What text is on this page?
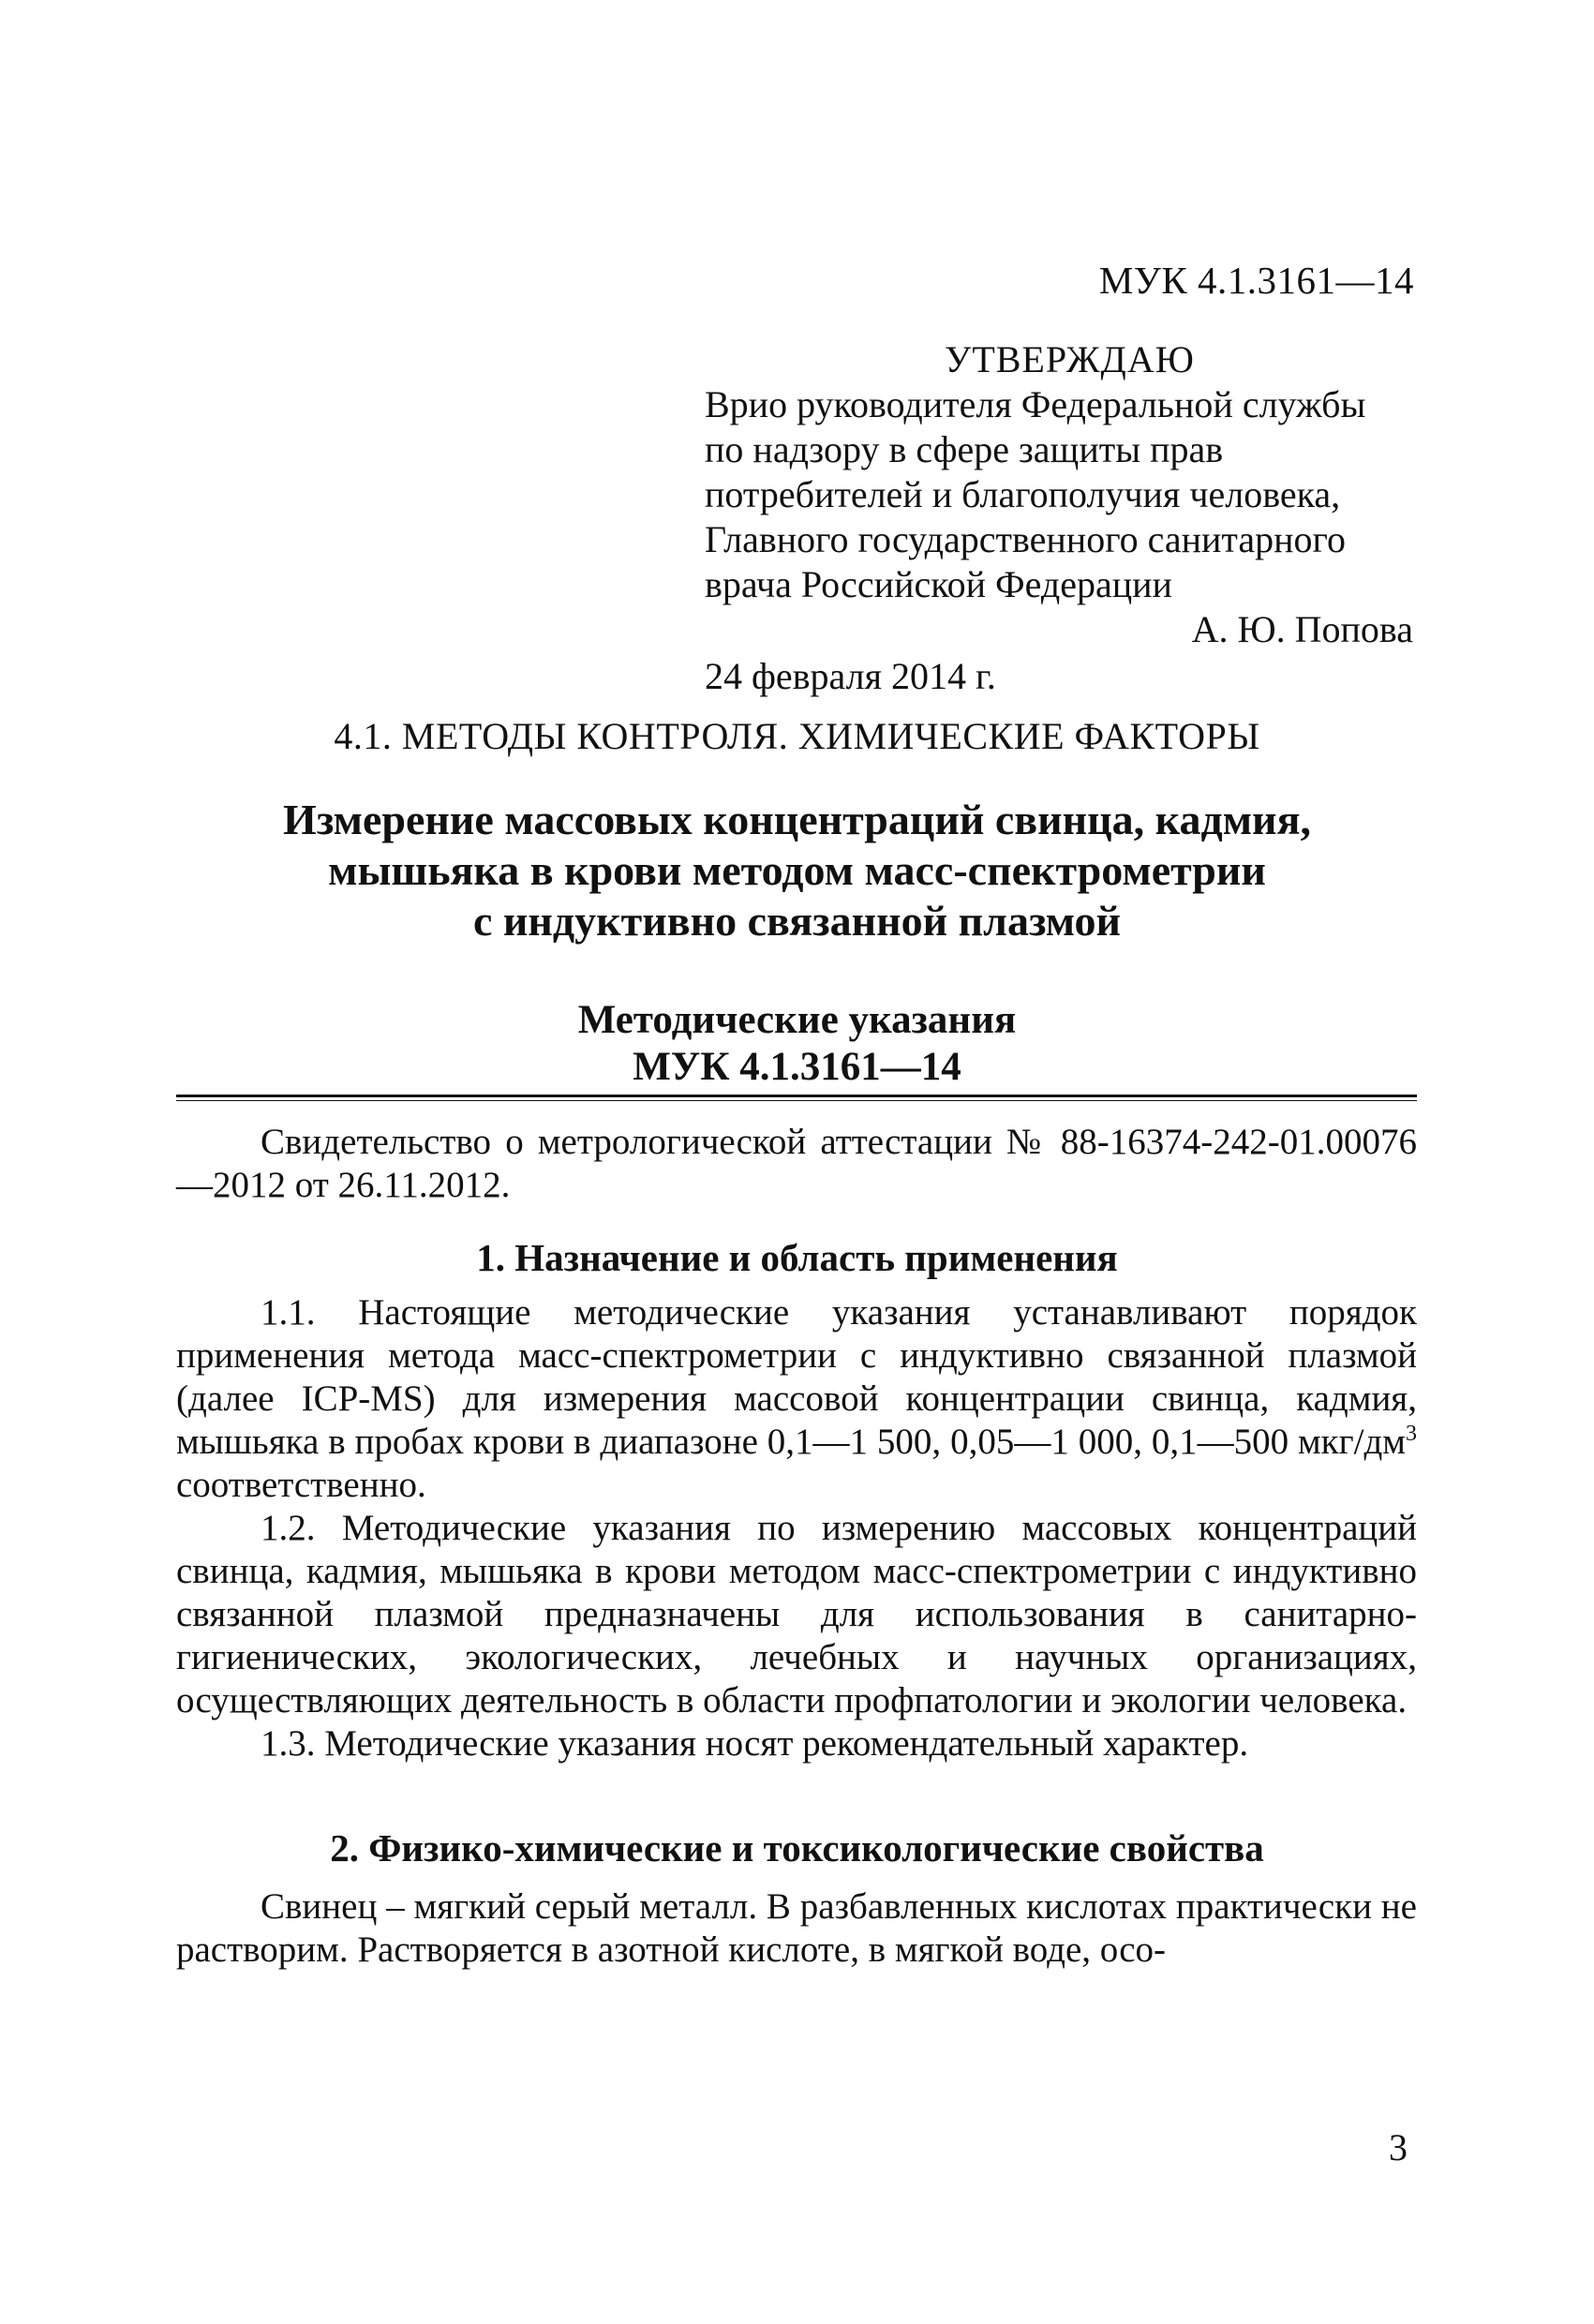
МУК 4.1.3161—14
УТВЕРЖДАЮ
Врио руководителя Федеральной службы
по надзору в сфере защиты прав
потребителей и благополучия человека,
Главного государственного санитарного
врача Российской Федерации
А. Ю. Попова
24 февраля 2014 г.
4.1. МЕТОДЫ КОНТРОЛЯ. ХИМИЧЕСКИЕ ФАКТОРЫ
Измерение массовых концентраций свинца, кадмия,
мышьяка в крови методом масс-спектрометрии
с индуктивно связанной плазмой
Методические указания
МУК 4.1.3161—14

Свидетельство о метрологической аттестации № 88-16374-242-01.00076—2012 от 26.11.2012.

1. Назначение и область применения

1.1. Настоящие методические указания устанавливают порядок применения метода масс-спектрометрии с индуктивно связанной плазмой (далее ICP-MS) для измерения массовой концентрации свинца, кадмия, мышьяка в пробах крови в диапазоне 0,1—1 500, 0,05—1 000, 0,1—500 мкг/$дм^3$ соответственно.

1.2. Методические указания по измерению массовых концентраций свинца, кадмия, мышьяка в крови методом масс-спектрометрии с индуктивно связанной плазмой предназначены для использования в санитарно-гигиенических, экологических, лечебных и научных организациях, осуществляющих деятельность в области профпатологии и экологии человека.

1.3. Методические указания носят рекомендательный характер.

2. Физико-химические и токсикологические свойства

Свинец – мягкий серый металл. В разбавленных кислотах практически не растворим. Растворяется в азотной кислоте, в мягкой воде, осо-

3
